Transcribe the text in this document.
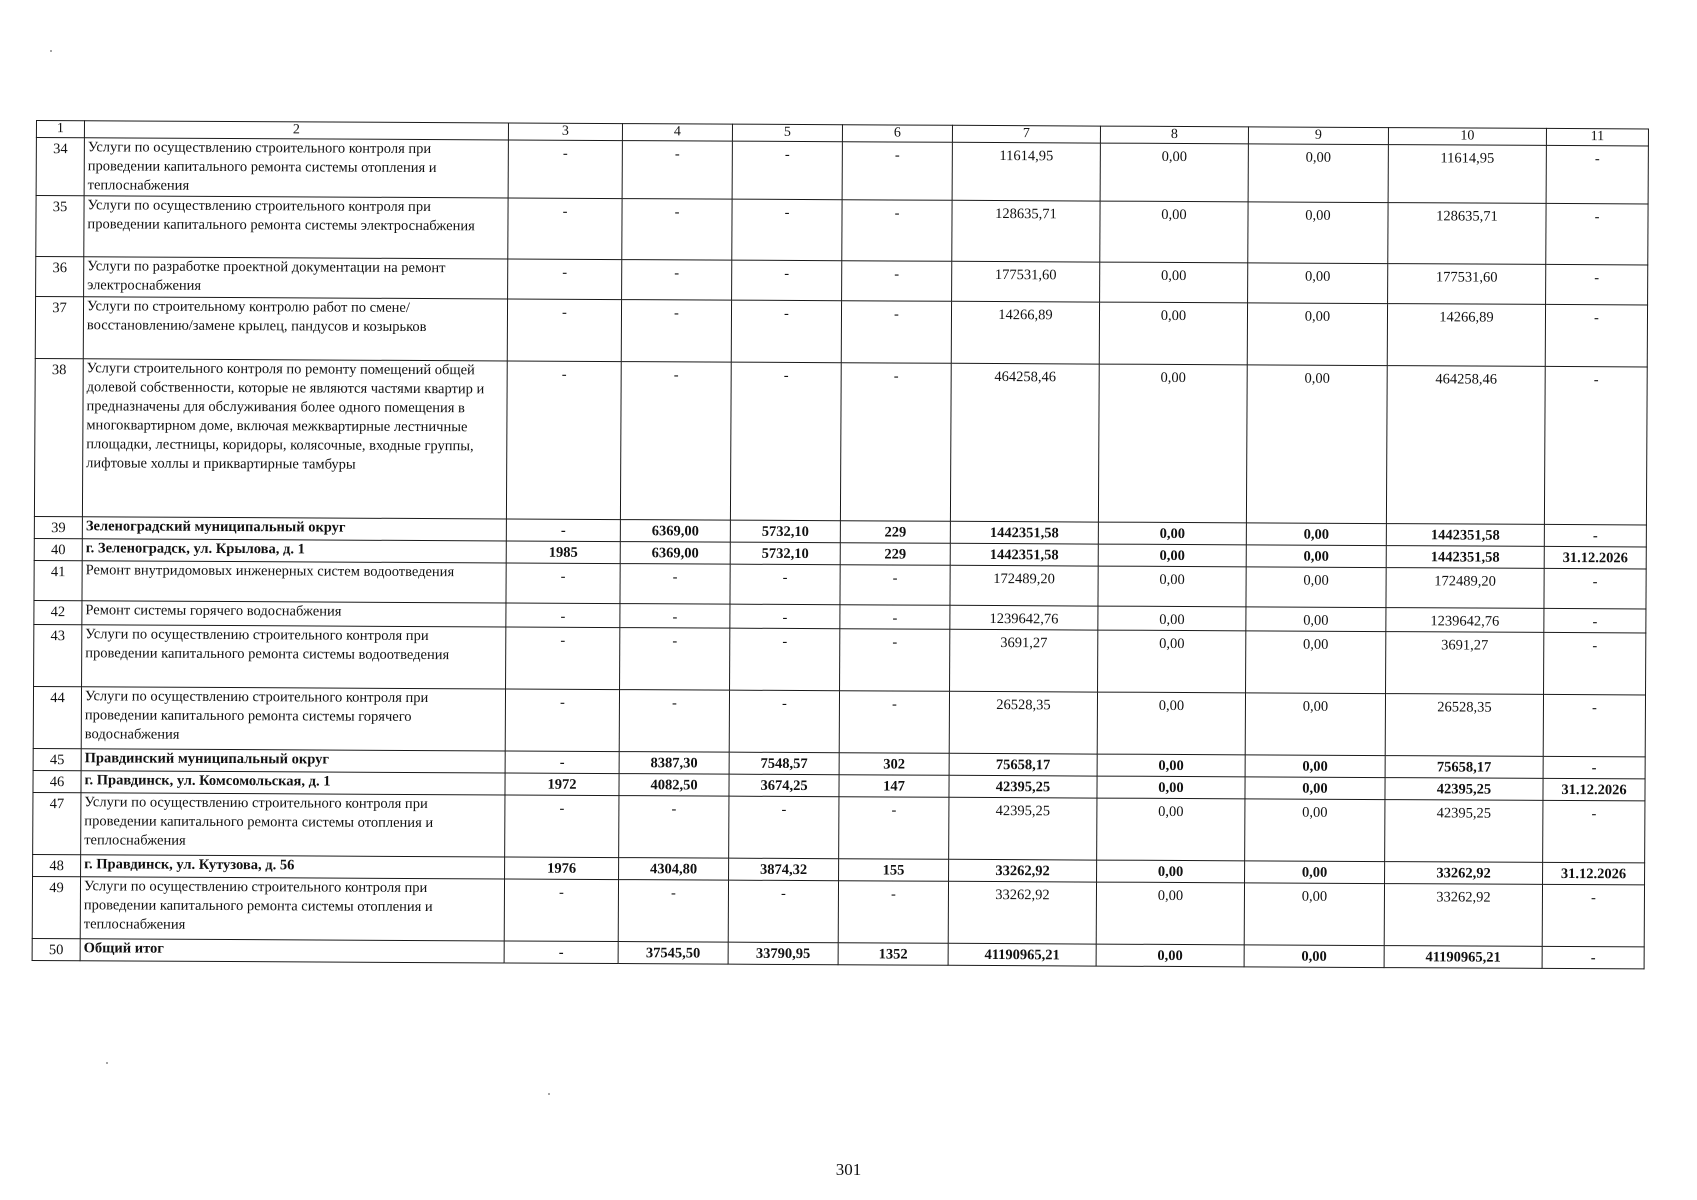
1	2	3	4	5	6	7	8	9	10	11
34	Услуги по осуществлению строительного контроля при проведении капитального ремонта системы отопления и теплоснабжения	-	-	-	-	11614,95	0,00	0,00	11614,95	-
35	Услуги по осуществлению строительного контроля при проведении капитального ремонта системы электроснабжения	-	-	-	-	128635,71	0,00	0,00	128635,71	-
36	Услуги по разработке проектной документации на ремонт электроснабжения	-	-	-	-	177531,60	0,00	0,00	177531,60	-
37	Услуги по строительному контролю работ по смене/восстановлению/замене крылец, пандусов и козырьков	-	-	-	-	14266,89	0,00	0,00	14266,89	-
38	Услуги строительного контроля по ремонту помещений общей долевой собственности, которые не являются частями квартир и предназначены для обслуживания более одного помещения в многоквартирном доме, включая межквартирные лестничные площадки, лестницы, коридоры, колясочные, входные группы, лифтовые холлы и приквартирные тамбуры	-	-	-	-	464258,46	0,00	0,00	464258,46	-
39	Зеленоградский муниципальный округ	-	6369,00	5732,10	229	1442351,58	0,00	0,00	1442351,58	-
40	г. Зеленоградск, ул. Крылова, д. 1	1985	6369,00	5732,10	229	1442351,58	0,00	0,00	1442351,58	31.12.2026
41	Ремонт внутридомовых инженерных систем водоотведения	-	-	-	-	172489,20	0,00	0,00	172489,20	-
42	Ремонт системы горячего водоснабжения	-	-	-	-	1239642,76	0,00	0,00	1239642,76	-
43	Услуги по осуществлению строительного контроля при проведении капитального ремонта системы водоотведения	-	-	-	-	3691,27	0,00	0,00	3691,27	-
44	Услуги по осуществлению строительного контроля при проведении капитального ремонта системы горячего водоснабжения	-	-	-	-	26528,35	0,00	0,00	26528,35	-
45	Правдинский муниципальный округ	-	8387,30	7548,57	302	75658,17	0,00	0,00	75658,17	-
46	г. Правдинск, ул. Комсомольская, д. 1	1972	4082,50	3674,25	147	42395,25	0,00	0,00	42395,25	31.12.2026
47	Услуги по осуществлению строительного контроля при проведении капитального ремонта системы отопления и теплоснабжения	-	-	-	-	42395,25	0,00	0,00	42395,25	-
48	г. Правдинск, ул. Кутузова, д. 56	1976	4304,80	3874,32	155	33262,92	0,00	0,00	33262,92	31.12.2026
49	Услуги по осуществлению строительного контроля при проведении капитального ремонта системы отопления и теплоснабжения	-	-	-	-	33262,92	0,00	0,00	33262,92	-
50	Общий итог	-	37545,50	33790,95	1352	41190965,21	0,00	0,00	41190965,21	-
301
